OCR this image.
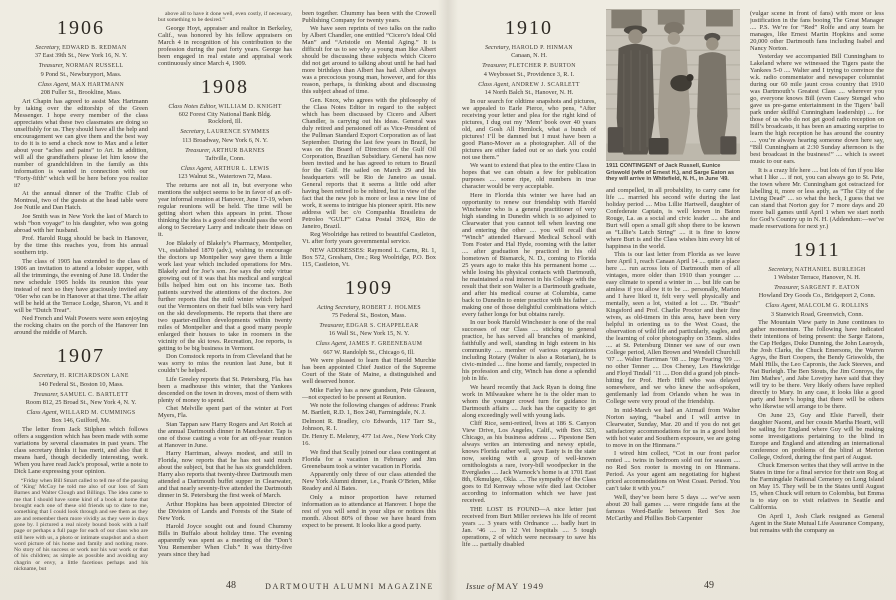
1906
Secretary, EDWARD B. REDMAN
37 East 39th St., New York 16, N. Y.
Treasurer, NORMAN RUSSELL
9 Pond St., Newburyport, Mass.
Class Agent, MAX HARTMANN
208 Fuller St., Brookline, Mass.

Art Chapin has agreed to assist Max Hartmann by taking over the editorship of the Green Messenger. I hope every member of the class appreciates what these two classmates are doing so unselfishly for us. They should have all the help and encouragement we can give them and the best way to do it is to send a check now to Max and a letter about your “aches and pains” to Art. In addition, will all the grandfathers please let him know the number of grandchildren in the family as this information is wanted in connection with our “Forty-fifth” which will be here before you realize it?

At the annual dinner of the Traffic Club of Montreal, two of the guests at the head table were Joe Nutile and Dan Hatch.

Joe Smith was in New York the last of March to wish “bon voyage” to his daughter, who was going abroad with her husband.

Prof. Harold Rugg should be back in Hanover, by the time this reaches you, from his annual southern trip.

The class of 1905 has extended to the class of 1906 an invitation to attend a lobster supper, with all the trimmings, the evening of June 18. Under the new schedule 1905 holds its reunion this year instead of next so they have graciously invited any ’06er who can be in Hanover at that time. The affair will be held at the Terrace Lodge, Sharon, Vt. and it will be “Dutch Treat”.

Ned French and Walt Powers were seen enjoying the rocking chairs on the porch of the Hanover Inn around the middle of March.

1907
Secretary, H. RICHARDSON LANE
140 Federal St., Boston 10, Mass.
Treasurer, SAMUEL C. BARTLETT
Room 812, 25 Broad St., New York 4, N. Y.
Class Agent, WILLARD M. CUMMINGS
Box 146, Guilford, Me.

The letter from Jack Stilphen which follows offers a suggestion which has been made with some variations by several classmates in past years. The class secretary thinks it has merit, and also that it means hard, though decidedly interesting, work. When you have read Jack’s proposal, write a note to Dick Lane expressing your opinion.

“Friday when Bill Smart called to tell me of the passing of ‘King’ McCoy he told me also of our loss of Sam Barnes and Walter Clough and Billings. The idea came to me that I should have some kind of a book at home that brought each one of these old friends up to date to me, something that I could look through and see them as they are and remember them more vividly as they were in days gone by. I pictured a real nicely bound book with a half page or perhaps a full page for each of our class who are still here with us, a photo or intimate snapshot and a short word picture of his home and family and nothing more. No story of his success or work nor his war work or that of his children; as simple as possible and avoiding any chagrin or envy, a little facetious perhaps and his nickname, but

above all to have it done well, even costly, if necessary, but something to be desired.”

George Hoyt, appraiser and realtor in Berkeley, Calif., was honored by his fellow appraisers on March 4 in recognition of his contribution to the profession during the past forty years. George has been engaged in real estate and appraisal work continuously since March 4, 1909.

1908
Class Notes Editor, WILLIAM D. KNIGHT
602 Forest City National Bank Bldg.
Rockford, Ill.
Secretary, LAURENCE SYMMES
113 Broadway, New York 6, N. Y.
Treasurer, ARTHUR BARNES
Taftville, Conn.
Class Agent, ARTHUR L. LEWIS
123 Walnut St., Watertown 72, Mass.

The returns are not all in, but everyone who mentions the subject seems to be in favor of an off-year informal reunion at Hanover, June 17-19, when regular reunions will be held. The time will be getting short when this appears in print. Those thinking the idea is a good one should pass the word along to Secretary Larry and indicate their ideas on it.

Joe Blakely of Blakely’s Pharmacy, Montpelier, Vt., established 1870 (adv.), wishing to encourage the doctors up Montpelier way gave them a little work last year which included operations for Mrs. Blakely and for Joe’s son. Joe says the only virtue growing out of it was that his medical and surgical bills helped him out on his income tax. Both patients survived the attentions of the doctors. Joe further reports that the mild winter which helped out the Vermonters on their fuel bills was very hard on the ski developments. He reports that there are two quarter-million developments within twenty miles of Montpelier and that a good many people enlarged their houses to take in roomers in the vicinity of the ski tows. Recreation, Joe reports, is getting to be big business in Vermont.

Don Comstock reports in from Cleveland that he was sorry to miss the reunion last June, but it couldn’t be helped.

Life Greeley reports that St. Petersburg, Fla. has been a madhouse this winter, that the Yankees descended on the town in droves, most of them with plenty of money to spend.

Chet Melville spent part of the winter at Fort Myers, Fla.

Stan Tappan saw Harry Rogers and Art Rotch at the annual Dartmouth dinner in Manchester. Tap is one of those casting a vote for an off-year reunion at Hanover in June.

Harry Harriman, always modest, and still in Florida, now reports that he has not said much about the subject, but that he has six grandchildren. Harry also reports that twenty-three Dartmouth men attended a Dartmouth buffet supper in Clearwater, and that nearly seventy-five attended the Dartmouth dinner in St. Petersburg the first week of March.

Arthur Hopkins has been appointed Director of the Division of Lands and Forests of the State of New York.

Harold Joyce sought out and found Chummy Bills in Buffalo about holiday time. The evening apparently was spent as a meeting of the “Don’t You Remember When Club.” It was thirty-five years since they had

been together. Chummy has been with the Crowell Publishing Company for twenty years.

We have seen reprints of two talks on the radio by Albert Chandler, one entitled “Cicero’s Ideal Old Man” and “Aristotle on Mental Aging.” It is difficult for us to see why a young man like Albert should be discussing these subjects which Cicero did not get around to talking about until he had had more birthdays than Albert has had. Albert always was a precocious young man, however, and for this reason, perhaps, is thinking about and discussing this subject ahead of time.

Gen. Knox, who agrees with the philosophy of the Class Notes Editor in regard to the subject which has been discussed by Cicero and Albert Chandler, is carrying out his ideas. General was duly retired and pensioned off as Vice-President of the Pullman Standard Export Corporation as of last September. During the last few years in Brazil, he was on the Board of Directors of the Gulf Oil Corporation, Brazilian Subsidiary. General has now been invited and he has agreed to return to Brazil for the Gulf. He sailed on March 29 and his headquarters will be Rio de Janeiro as usual. General reports that it seems a little odd after having been retired to be rehired, but in view of the fact that the new job is more or less a new line of work, it seems to intrigue his pioneer spirit. His new address will be: c/o Companhia Brasileira de Petroleo “GULF” Caixa Postal 3924, Rio de Janeiro, Brazil.

Reg Woolridge has retired to beautiful Castleton, Vt. after forty years governmental service.

NEW ADDRESSES: Raymond L. Carns, Rt. 1, Box 572, Gresham, Ore.; Reg Woolridge, P.O. Box 115, Castleton, Vt.

1909
Acting Secretary, ROBERT J. HOLMES
75 Federal St., Boston, Mass.
Treasurer, EDGAR S. CHAPPELEAR
16 Wall St., New York 15, N. Y.
Class Agent, JAMES F. GREENEBAUM
667 W. Randolph St., Chicago 6, Ill.

We were pleased to learn that Harold Murchie has been appointed Chief Justice of the Supreme Court of the State of Maine, a distinguished and well deserved honor.

Mike Farley has a new grandson, Pete Gleason,—not expected to be present at Reunion.

We note the following changes of address: Frank M. Bartlett, R.D. 1, Box 240, Farmingdale, N. J.

Delmont R. Bradley, c/o Edwards, 117 Tarr St., Johnson, R. I.

Dr. Henry E. Melenry, 477 1st Ave., New York City 16.

We find that Scully joined our class contingent at Florida for a vacation in February and Jim Greenebaum took a winter vacation in Florida.

Apparently only three of our class attended the New York Alumni dinner, i.e., Frank O’Brien, Mike Readey and Al Bates.

Only a minor proportion have returned information as to attendance at Hanover. I hope the rest of you will send in your slips or notices this month. About 80% of those we have heard from expect to be present. It looks like a good party.

48	DARTMOUTH ALUMNI MAGAZINE
1910
Secretary, HAROLD P. HINMAN
Canaan, N. H.
Treasurer, FLETCHER P. BURTON
4 Weybosset St., Providence 3, R. I.
Class Agent, ANDREW J. SCARLETT
14 North Balch St., Hanover, N. H.

In our search for oldtime snapshots and pictures, we appealed to Earle Pierce, who pens, “After receiving your letter and plea for the right kind of pictures, I dug out my ‘Mem’ book over 40 years old, and Gosh All Hemlock, what a bunch of pictures! I’ll be damned but I must have been a good Piano-Mover as a photographer. All of the pictures are either faded out or so dark you could not use them.”

We want to extend that plea to the entire Class in hopes that we can obtain a few for publication purposes .... some ripe, old numbers in true character would be very acceptable.

Here in Florida this winter we have had an opportunity to renew our friendship with Harold Winchester who is a general practitioner of very high standing in Dunedin which is so adjoined to Clearwater that you cannot tell when leaving one and entering the other .... you will recall that “Winch” attended Harvard Medical School with Tom Foster and Hal Hyde, rooming with the latter .... after graduation he practiced in his old hometown of Bismarck, N. D., coming to Florida 25 years ago to make this his permanent home .... while losing his physical contacts with Dartmouth, he maintained a real interest in his College with the result that their son Walter is a Dartmouth graduate, and after his medical course at Columbia, came back to Dunedin to enter practice with his father .... making one of those delightful combinations which every father longs for but obtains rarely.

In our book Harold Winchester is one of the real successes of our Class .... sticking to general practice, he has served all branches of mankind, faithfully and well, standing in high esteem in his community .... member of various organizations including Rotary (Walter is also a Rotarian), he is civic-minded .... fine home and family, respected in his profession and city, Winch has done a splendid job in life.

We heard recently that Jack Ryan is doing fine work in Milwaukee where he is the older man to whom the younger crowd turn for guidance in Dartmouth affairs .... Jack has the capacity to get along exceedingly well with young lads.

Cliff Rice, semi-retired, lives at 186 S. Canyon View Drive, Los Angeles, Calif., with Box 323, Chicago, as his business address .... Pipestone Ben always writes an interesting and newsy epistle, knows Florida rather well, says Easty is in the state now, seeking with a group of well-known ornithologists a rare, ivory-bill woodpecker in the Everglades .... Jack Warnock’s home is at 1701 East 8th, Okmulgee, Okla. .... The sympathy of the Class goes to Ed Kenway whose wife died last October according to information which we have just received.

THE LOST IS FOUND—A nice letter just received from Burt Miller reviews his life of recent years .... 3 years with Ordnance .... badly hurt in Jan. ’46 .... in 12 Vet hospitals .... 5 tough operations, 2 of which were necessary to save his life .... partially disabled

1911 CONTINGENT of Jack Russell, Eunice Griswold (wife of Ernest H.), and Sarge Eaton as they will arrive in Whitefield, N. H., in June '49.

and compelled, in all probability, to carry cane for life .... married his second wife during the last holiday period .... Miss Lillie Hartwell, daughter of Confederate Captain, is well known in Baton Rouge, La. as a social and civic leader .... she and Burt will open a small gift shop there to be known as “Lillie’s Latch String” .... it is fine to know where Burt is and the Class wishes him every bit of happiness in the world.

This is our last letter from Florida as we leave here April 1, reach Canaan April 14 .... quite a place here .... run across lots of Dartmouth men of all vintages, more older than 1910 than younger .... easy climate to spend a winter in .... but life can be aimless if you allow it to be .... personally, Marion and I have liked it, felt very well physically and mentally, seen a lot, visited a lot .... Dr. “Bush” Kingsford and Prof. Charlie Proctor and their fine wives, as old-timers in this area, have been very helpful in orienting us to the West Coast, the observation of wild life and particularly, eagles, and the learning of color photography on 35mm. slides .... at St. Petersburg Dinner we saw of our own College period, Allen Brown and Wendell Churchill ’07 .... Walter Harriman ’08 .... Inge Fearing ’09 .... no other Tenner .... Dos Cheney, Les Hawkridge and Floyd Tindall ’11 .... Don did a grand job pinch-hitting for Prof. Herb Hill who was delayed somewhere, and we who knew the soft-spoken, gentlemanly lad from Orlando when he was in College were very proud of the friendship.

In mid-March we had an Airmail from Walter Norton saying, “Isabel and I will arrive in Clearwater, Sunday, Mar. 20 and if you do not get satisfactory accommodations for us in a good hotel with hot water and Southern exposure, we are going to move in on the Hinmans.”

I wired him collect, “Cot in our front parlor rented .... twins in bedroom sold out for season .... no Red Sox rooter is moving in on Hinmans. Period. As your agent am negotiating for highest priced accommodations on West Coast. Period. You can’t take it with you.”

Well, they’ve been here 5 days .... we’ve seen about 20 ball games .... were ringside fans at the famous Word-Battle between Red Sox Joe McCarthy and Phillies Bob Carpenter

(vulgar scene in front of fans) with more or less justification in the fans booing The Great Manager .... P.S. We’re for “Red” Rolfe and any team he manages, like Ernest Martin Hopkins and some 20,000 other Dartmouth fans including Isabel and Nancy Norton.

Yesterday we accompanied Bill Cunningham to Lakeland where we witnessed the Tigers paste the Yankees 5-0 .... Walter and I trying to convince the w.k. radio commentator and newspaper columnist during our 60 mile jaunt cross country that 1910 was Dartmouth’s Greatest Class .... wherever you go, everyone knows Bill (even Casey Stengel who gave us pre-game entertainment in the Tigers’ ball park under skillful Cunningham leadership) .... for those of us who do not get good radio reception on Bill’s broadcasts, it has been an amazing surprise to learn the high reception he has around the country .... you’re always hearing someone down here say, “Bill Cunningham at 2:30 Sunday afternoon is the best broadcast in the business!” .... which is sweet music to our ears.

It is a crazy life here .... but lots of fun if you like what I like .... if not, you can always go to St. Pete, the town where Mr. Cunningham got ostracized for labelling it, more or less aptly, as “The City of the Living Dead” .... so what the heck, I guess that we can stand that Norton guy for 7 more days and 20 more ball games until April 1 when we start north for God’s Country up in N. H. (Addendum:—we’ve made reservations for next yr.)

1911
Secretary, NATHANIEL BURLEIGH
1 Webster Terrace, Hanover, N. H.
Treasurer, SARGENT F. EATON
Howland Dry Goods Co., Bridgeport 2, Conn.
Class Agent, MALCOLM G. ROLLINS
3 Stanwich Road, Greenwich, Conn.

The Mountain View party in June continues to gather momentum. The following have indicated their intentions of being present: the Sarge Eatons, the Cap Hedges, Duke Dunning, the John Learoyds, the Josh Clarks, the Chuck Emersons, the Warren Agrys, the Burt Coopers, the Bendy Griswolds, the Mahl Hills, the Leo Capronis, the Jack Steeves, and Nat Burleigh. The Ben Stouts, the Jim Conroys, the Jim Mathes’, and Jabe Lovejoy have said that they will try to be there. Very likely others have replied directly to Mary. In any case, it looks like a good party and here’s hoping that there will be others who likewise will arrange to be there.

On June 23, Guy and Elsie Farvell, their daughter Naomi, and her cousin Martha Heartt, will be sailing for England where Guy will be making some investigations pertaining to the blind in Europe and England and attending an international conference on problems of the blind at Merton College, Oxford, during the first part of August.

Chuck Emerson writes that they will arrive in the States in time for a final service for their son Rog at the Farmingdale National Cemetery on Long Island on May 15. They will be in the States until August 15, when Chuck will return to Colombia, but Emma is to stay on to visit relatives in Seattle and California.

On April 1, Josh Clark resigned as General Agent in the State Mutual Life Assurance Company, but remains with the company as

Issue of MAY 1949	49
